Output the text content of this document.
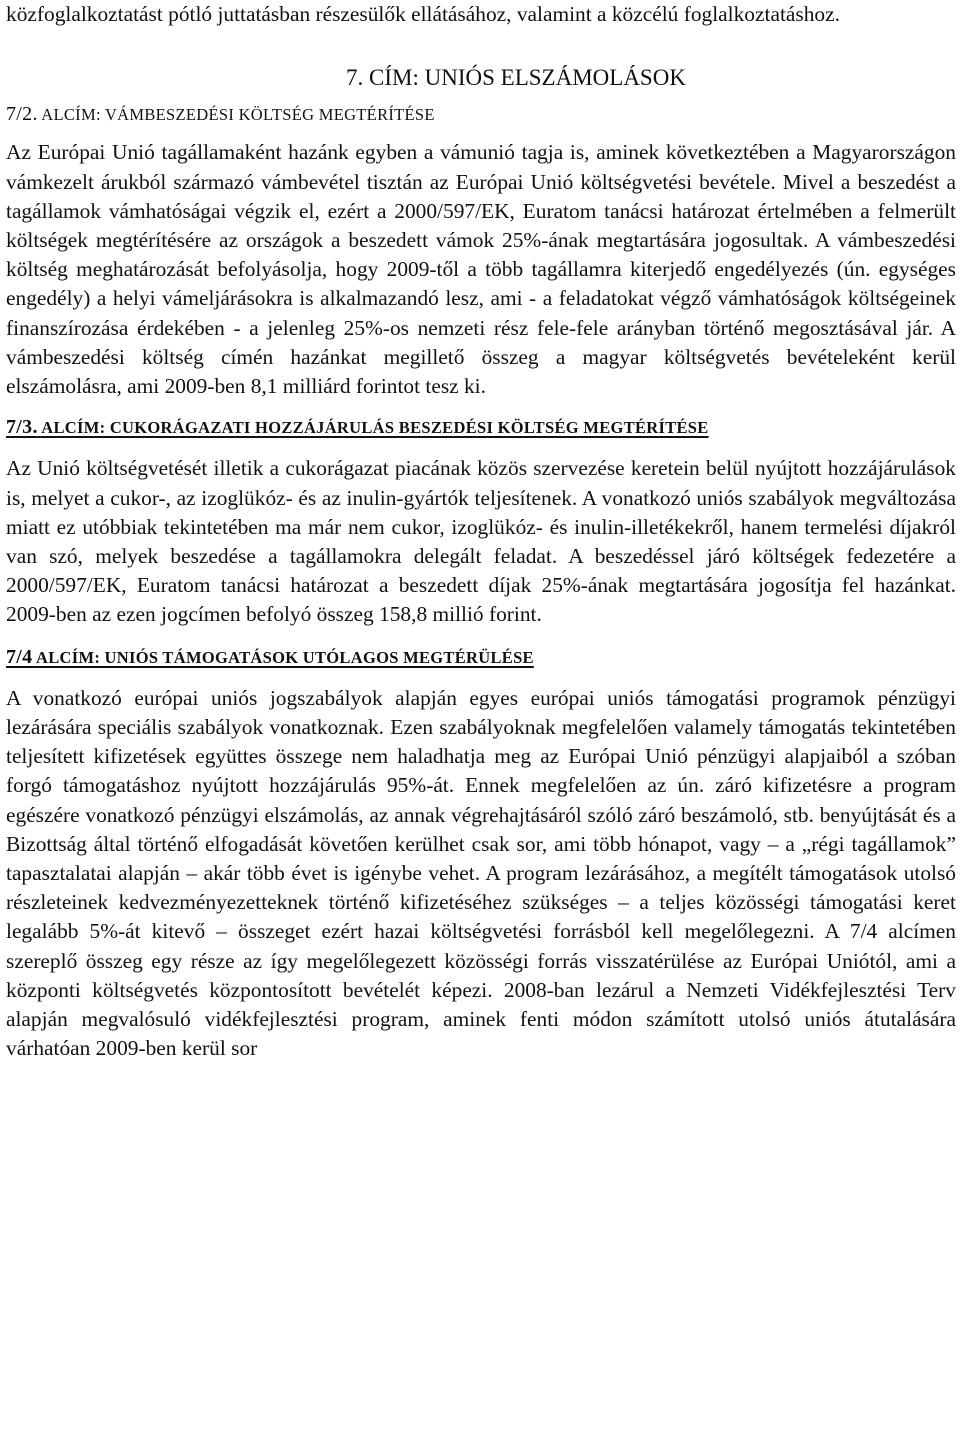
közfoglalkoztatást pótló juttatásban részesülők ellátásához, valamint a közcélú foglalkoztatáshoz.

7. CÍM: UNIÓS ELSZÁMOLÁSOK

7/2. ALCÍM: VÁMBESZEDÉSI KÖLTSÉG MEGTÉRÍTÉSE

Az Európai Unió tagállamaként hazánk egyben a vámunió tagja is, aminek következtében a Magyarországon vámkezelt árukból származó vámbevétel tisztán az Európai Unió költségvetési bevétele. Mivel a beszedést a tagállamok vámhatóságai végzik el, ezért a 2000/597/EK, Euratom tanácsi határozat értelmében a felmerült költségek megtérítésére az országok a beszedett vámok 25%-ának megtartására jogosultak. A vámbeszedési költség meghatározását befolyásolja, hogy 2009-től a több tagállamra kiterjedő engedélyezés (ún. egységes engedély) a helyi vámeljárásokra is alkalmazandó lesz, ami - a feladatokat végző vámhatóságok költségeinek finanszírozása érdekében - a jelenleg 25%-os nemzeti rész fele-fele arányban történő megosztásával jár. A vámbeszedési költség címén hazánkat megillető összeg a magyar költségvetés bevételeként kerül elszámolásra, ami 2009-ben 8,1 milliárd forintot tesz ki.

7/3. ALCÍM: CUKORÁGAZATI HOZZÁJÁRULÁS BESZEDÉSI KÖLTSÉG MEGTÉRÍTÉSE

Az Unió költségvetését illetik a cukorágazat piacának közös szervezése keretein belül nyújtott hozzájárulások is, melyet a cukor-, az izoglükóz- és az inulin-gyártók teljesítenek. A vonatkozó uniós szabályok megváltozása miatt ez utóbbiak tekintetében ma már nem cukor, izoglükóz- és inulin-illetékekről, hanem termelési díjakról van szó, melyek beszedése a tagállamokra delegált feladat. A beszedéssel járó költségek fedezetére a 2000/597/EK, Euratom tanácsi határozat a beszedett díjak 25%-ának megtartására jogosítja fel hazánkat. 2009-ben az ezen jogcímen befolyó összeg 158,8 millió forint.

7/4 ALCÍM: UNIÓS TÁMOGATÁSOK UTÓLAGOS MEGTÉRÜLÉSE

A vonatkozó európai uniós jogszabályok alapján egyes európai uniós támogatási programok pénzügyi lezárására speciális szabályok vonatkoznak. Ezen szabályoknak megfelelően valamely támogatás tekintetében teljesített kifizetések együttes összege nem haladhatja meg az Európai Unió pénzügyi alapjaiból a szóban forgó támogatáshoz nyújtott hozzájárulás 95%-át. Ennek megfelelően az ún. záró kifizetésre a program egészére vonatkozó pénzügyi elszámolás, az annak végrehajtásáról szóló záró beszámoló, stb. benyújtását és a Bizottság által történő elfogadását követően kerülhet csak sor, ami több hónapot, vagy – a „régi tagállamok” tapasztalatai alapján – akár több évet is igénybe vehet. A program lezárásához, a megítélt támogatások utolsó részleteinek kedvezményezetteknek történő kifizetéséhez szükséges – a teljes közösségi támogatási keret legalább 5%-át kitevő – összeget ezért hazai költségvetési forrásból kell megelőlegezni. A 7/4 alcímen szereplő összeg egy része az így megelőlegezett közösségi forrás visszatérülése az Európai Uniótól, ami a központi költségvetés központosított bevételét képezi. 2008-ban lezárul a Nemzeti Vidékfejlesztési Terv alapján megvalósuló vidékfejlesztési program, aminek fenti módon számított utolsó uniós átutalására várhatóan 2009-ben kerül sor
